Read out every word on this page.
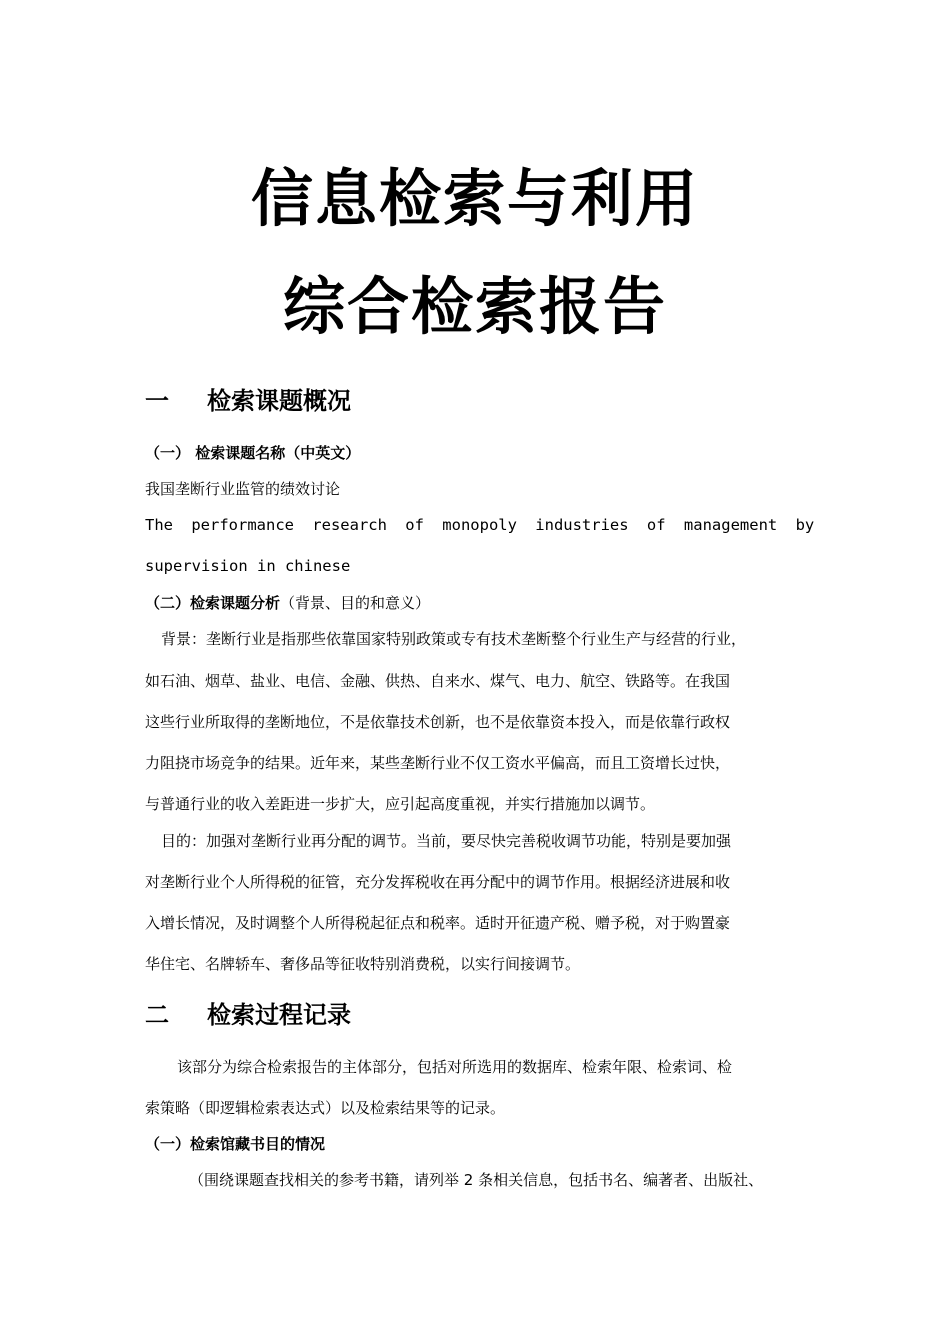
信息检索与利用
综合检索报告
一 检索课题概况
（一） 检索课题名称（中英文）
我国垄断行业监管的绩效讨论
The performance research of monopoly industries of management by
supervision in chinese
（二）检索课题分析（背景、目的和意义）
背景：垄断行业是指那些依靠国家特别政策或专有技术垄断整个行业生产与经营的行业，
如石油、烟草、盐业、电信、金融、供热、自来水、煤气、电力、航空、铁路等。在我国
这些行业所取得的垄断地位，不是依靠技术创新，也不是依靠资本投入，而是依靠行政权
力阻挠市场竞争的结果。近年来，某些垄断行业不仅工资水平偏高，而且工资增长过快，
与普通行业的收入差距进一步扩大，应引起高度重视，并实行措施加以调节。
目的：加强对垄断行业再分配的调节。当前，要尽快完善税收调节功能，特别是要加强
对垄断行业个人所得税的征管，充分发挥税收在再分配中的调节作用。根据经济进展和收
入增长情况，及时调整个人所得税起征点和税率。适时开征遗产税、赠予税，对于购置豪
华住宅、名牌轿车、奢侈品等征收特别消费税，以实行间接调节。
二 检索过程记录
该部分为综合检索报告的主体部分，包括对所选用的数据库、检索年限、检索词、检
索策略（即逻辑检索表达式）以及检索结果等的记录。
（一）检索馆藏书目的情况
（围绕课题查找相关的参考书籍，请列举 2 条相关信息，包括书名、编著者、出版社、
